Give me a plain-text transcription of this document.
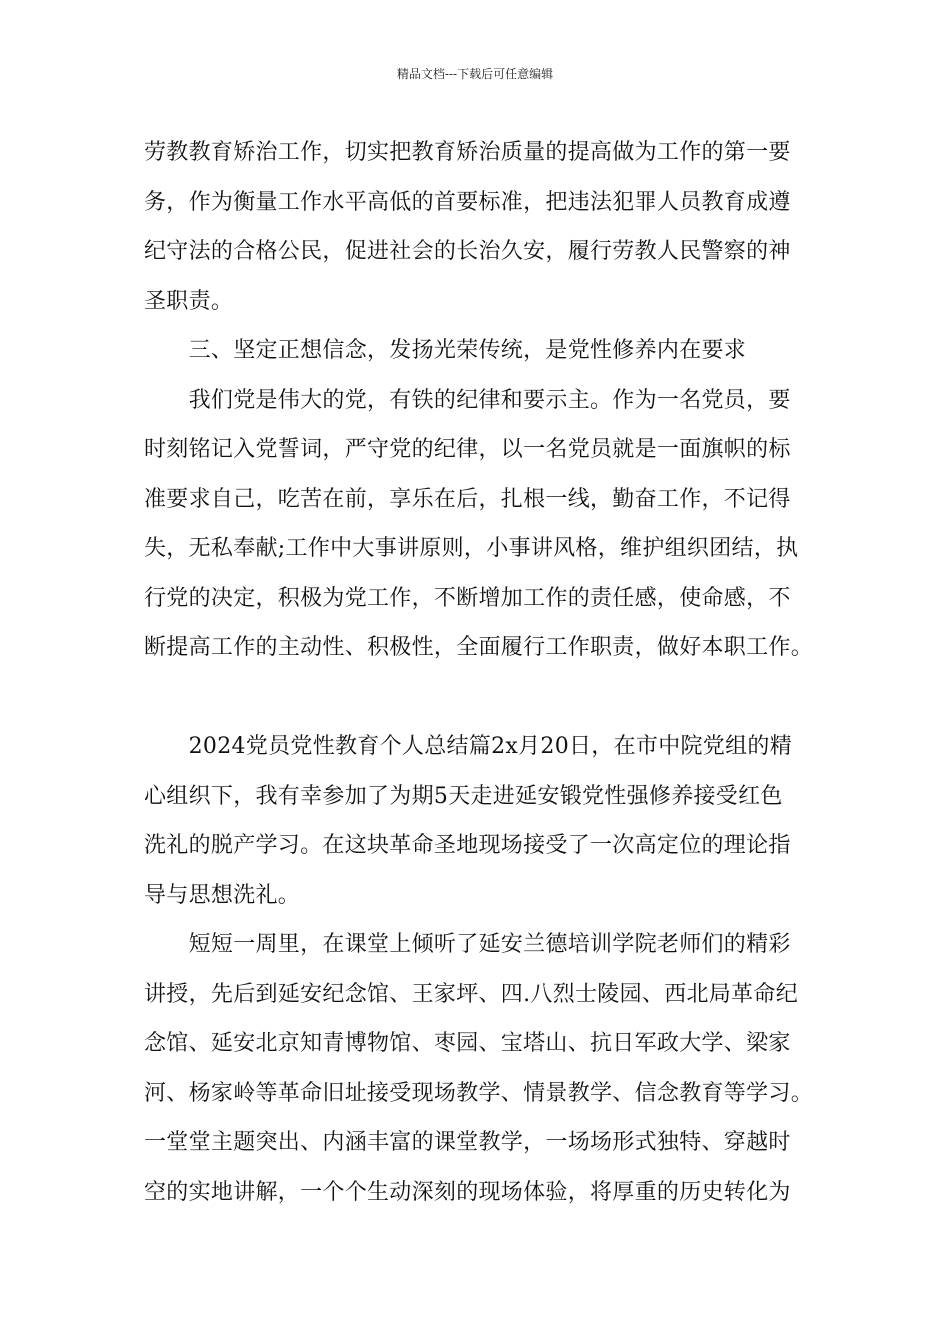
精品文档---下载后可任意编辑
劳教教育矫治工作，切实把教育矫治质量的提高做为工作的第一要
务，作为衡量工作水平高低的首要标准，把违法犯罪人员教育成遵
纪守法的合格公民，促进社会的长治久安，履行劳教人民警察的神
圣职责。
　　三、坚定正想信念，发扬光荣传统，是党性修养内在要求
　　我们党是伟大的党，有铁的纪律和要示主。作为一名党员，要
时刻铭记入党誓词，严守党的纪律，以一名党员就是一面旗帜的标
准要求自己，吃苦在前，享乐在后，扎根一线，勤奋工作，不记得
失，无私奉献;工作中大事讲原则，小事讲风格，维护组织团结，执
行党的决定，积极为党工作，不断增加工作的责任感，使命感，不
断提高工作的主动性、积极性，全面履行工作职责，做好本职工作。
　　2024党员党性教育个人总结篇2x月20日，在市中院党组的精
心组织下，我有幸参加了为期5天走进延安锻党性强修养接受红色
洗礼的脱产学习。在这块革命圣地现场接受了一次高定位的理论指
导与思想洗礼。
　　短短一周里，在课堂上倾听了延安兰德培训学院老师们的精彩
讲授，先后到延安纪念馆、王家坪、四.八烈士陵园、西北局革命纪
念馆、延安北京知青博物馆、枣园、宝塔山、抗日军政大学、梁家
河、杨家岭等革命旧址接受现场教学、情景教学、信念教育等学习。
一堂堂主题突出、内涵丰富的课堂教学，一场场形式独特、穿越时
空的实地讲解，一个个生动深刻的现场体验，将厚重的历史转化为
